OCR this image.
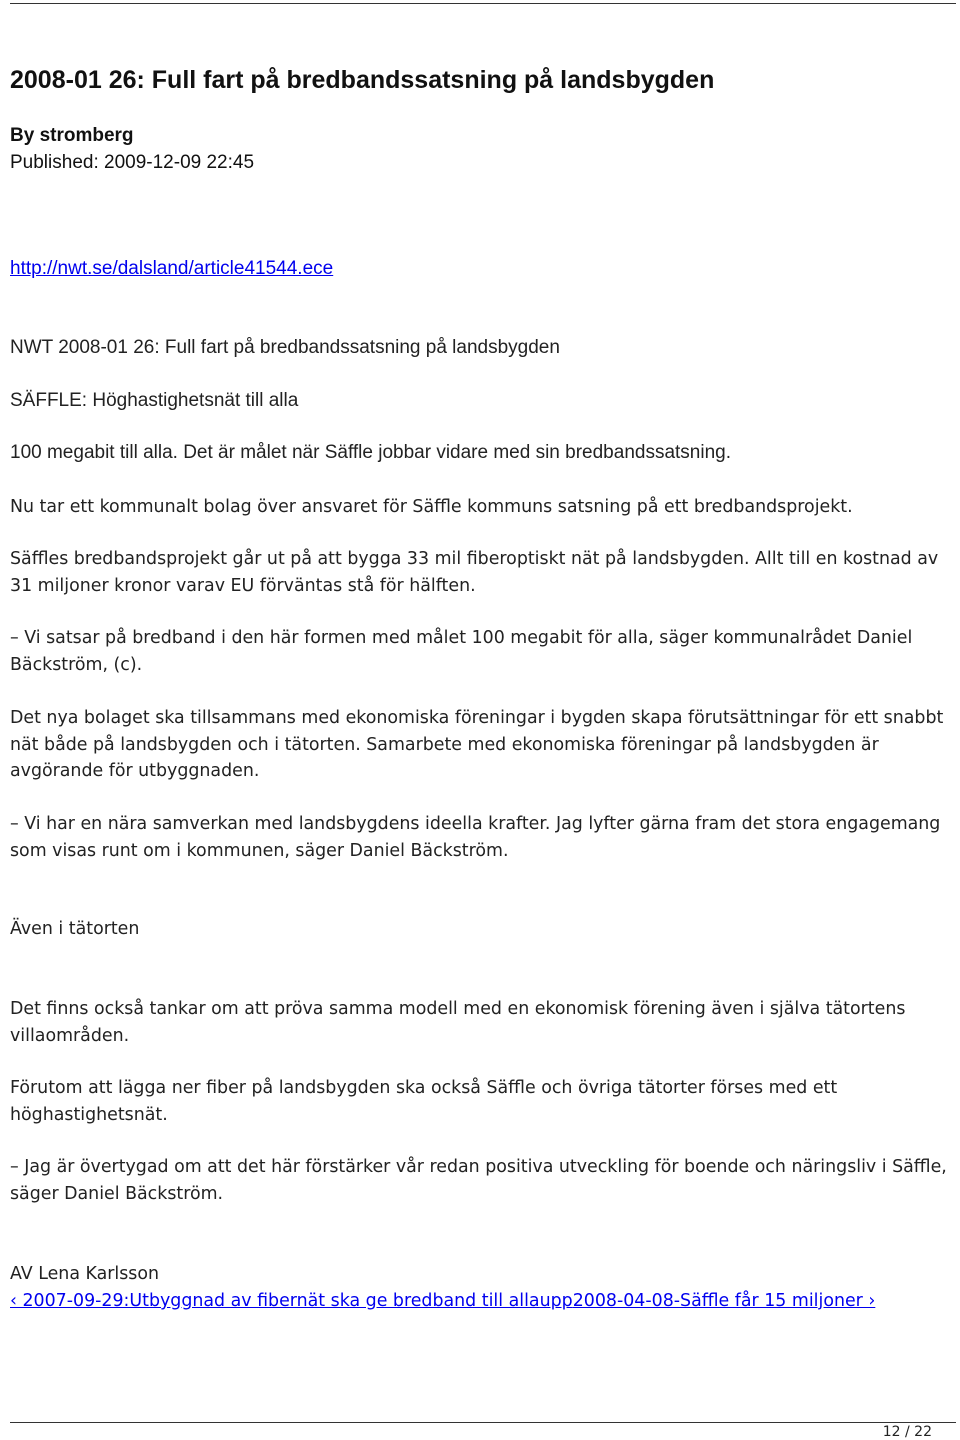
2008-01 26: Full fart på bredbandssatsning på landsbygden
By stromberg
Published: 2009-12-09 22:45
http://nwt.se/dalsland/article41544.ece

NWT 2008-01 26: Full fart på bredbandssatsning på landsbygden

SÄFFLE: Höghastighetsnät till alla

100 megabit till alla. Det är målet när Säffle jobbar vidare med sin bredbandssatsning.

Nu tar ett kommunalt bolag över ansvaret för Säffle kommuns satsning på ett bredbandsprojekt.

Säffles bredbandsprojekt går ut på att bygga 33 mil fiberoptiskt nät på landsbygden. Allt till en kostnad av 31 miljoner kronor varav EU förväntas stå för hälften.

– Vi satsar på bredband i den här formen med målet 100 megabit för alla, säger kommunalrådet Daniel Bäckström, (c).

Det nya bolaget ska tillsammans med ekonomiska föreningar i bygden skapa förutsättningar för ett snabbt nät både på landsbygden och i tätorten. Samarbete med ekonomiska föreningar på landsbygden är avgörande för utbyggnaden.

– Vi har en nära samverkan med landsbygdens ideella krafter. Jag lyfter gärna fram det stora engagemang som visas runt om i kommunen, säger Daniel Bäckström.

Även i tätorten

Det finns också tankar om att pröva samma modell med en ekonomisk förening även i själva tätortens villaområden.

Förutom att lägga ner fiber på landsbygden ska också Säffle och övriga tätorter förses med ett höghastighetsnät.

– Jag är övertygad om att det här förstärker vår redan positiva utveckling för boende och näringsliv i Säffle, säger Daniel Bäckström.

AV Lena Karlsson

‹ 2007-09-29:Utbyggnad av fibernät ska ge bredband till allaupp2008-04-08-Säffle får 15 miljoner ›
12 / 22
